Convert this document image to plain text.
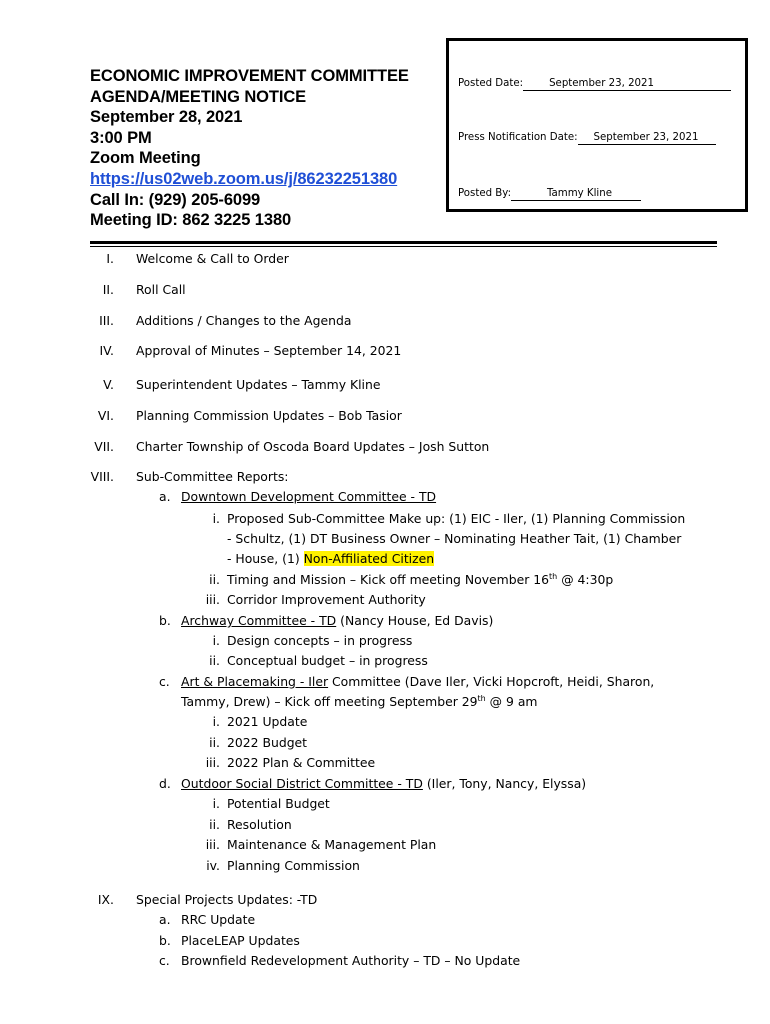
ECONOMIC IMPROVEMENT COMMITTEE
AGENDA/MEETING NOTICE
September 28, 2021
3:00 PM
Zoom Meeting
https://us02web.zoom.us/j/86232251380
Call In: (929) 205-6099
Meeting ID: 862 3225 1380
Posted Date:	September 23, 2021
Press Notification Date: September 23, 2021
Posted By:	Tammy Kline
I. Welcome & Call to Order
II. Roll Call
III. Additions / Changes to the Agenda
IV. Approval of Minutes – September 14, 2021
V. Superintendent Updates – Tammy Kline
VI. Planning Commission Updates – Bob Tasior
VII. Charter Township of Oscoda Board Updates – Josh Sutton
VIII. Sub-Committee Reports:
a. Downtown Development Committee - TD
i. Proposed Sub-Committee Make up: (1) EIC - Iler, (1) Planning Commission
- Schultz, (1) DT Business Owner – Nominating Heather Tait, (1) Chamber
- House, (1) Non-Affiliated Citizen
ii. Timing and Mission – Kick off meeting November 16th @ 4:30p
iii. Corridor Improvement Authority
b. Archway Committee - TD (Nancy House, Ed Davis)
i. Design concepts – in progress
ii. Conceptual budget – in progress
c. Art & Placemaking - Iler Committee (Dave Iler, Vicki Hopcroft, Heidi, Sharon,
Tammy, Drew) – Kick off meeting September 29th @ 9 am
i. 2021 Update
ii. 2022 Budget
iii. 2022 Plan & Committee
d. Outdoor Social District Committee - TD (Iler, Tony, Nancy, Elyssa)
i. Potential Budget
ii. Resolution
iii. Maintenance & Management Plan
iv. Planning Commission
IX. Special Projects Updates: -TD
a. RRC Update
b. PlaceLEAP Updates
c. Brownfield Redevelopment Authority – TD – No Update
